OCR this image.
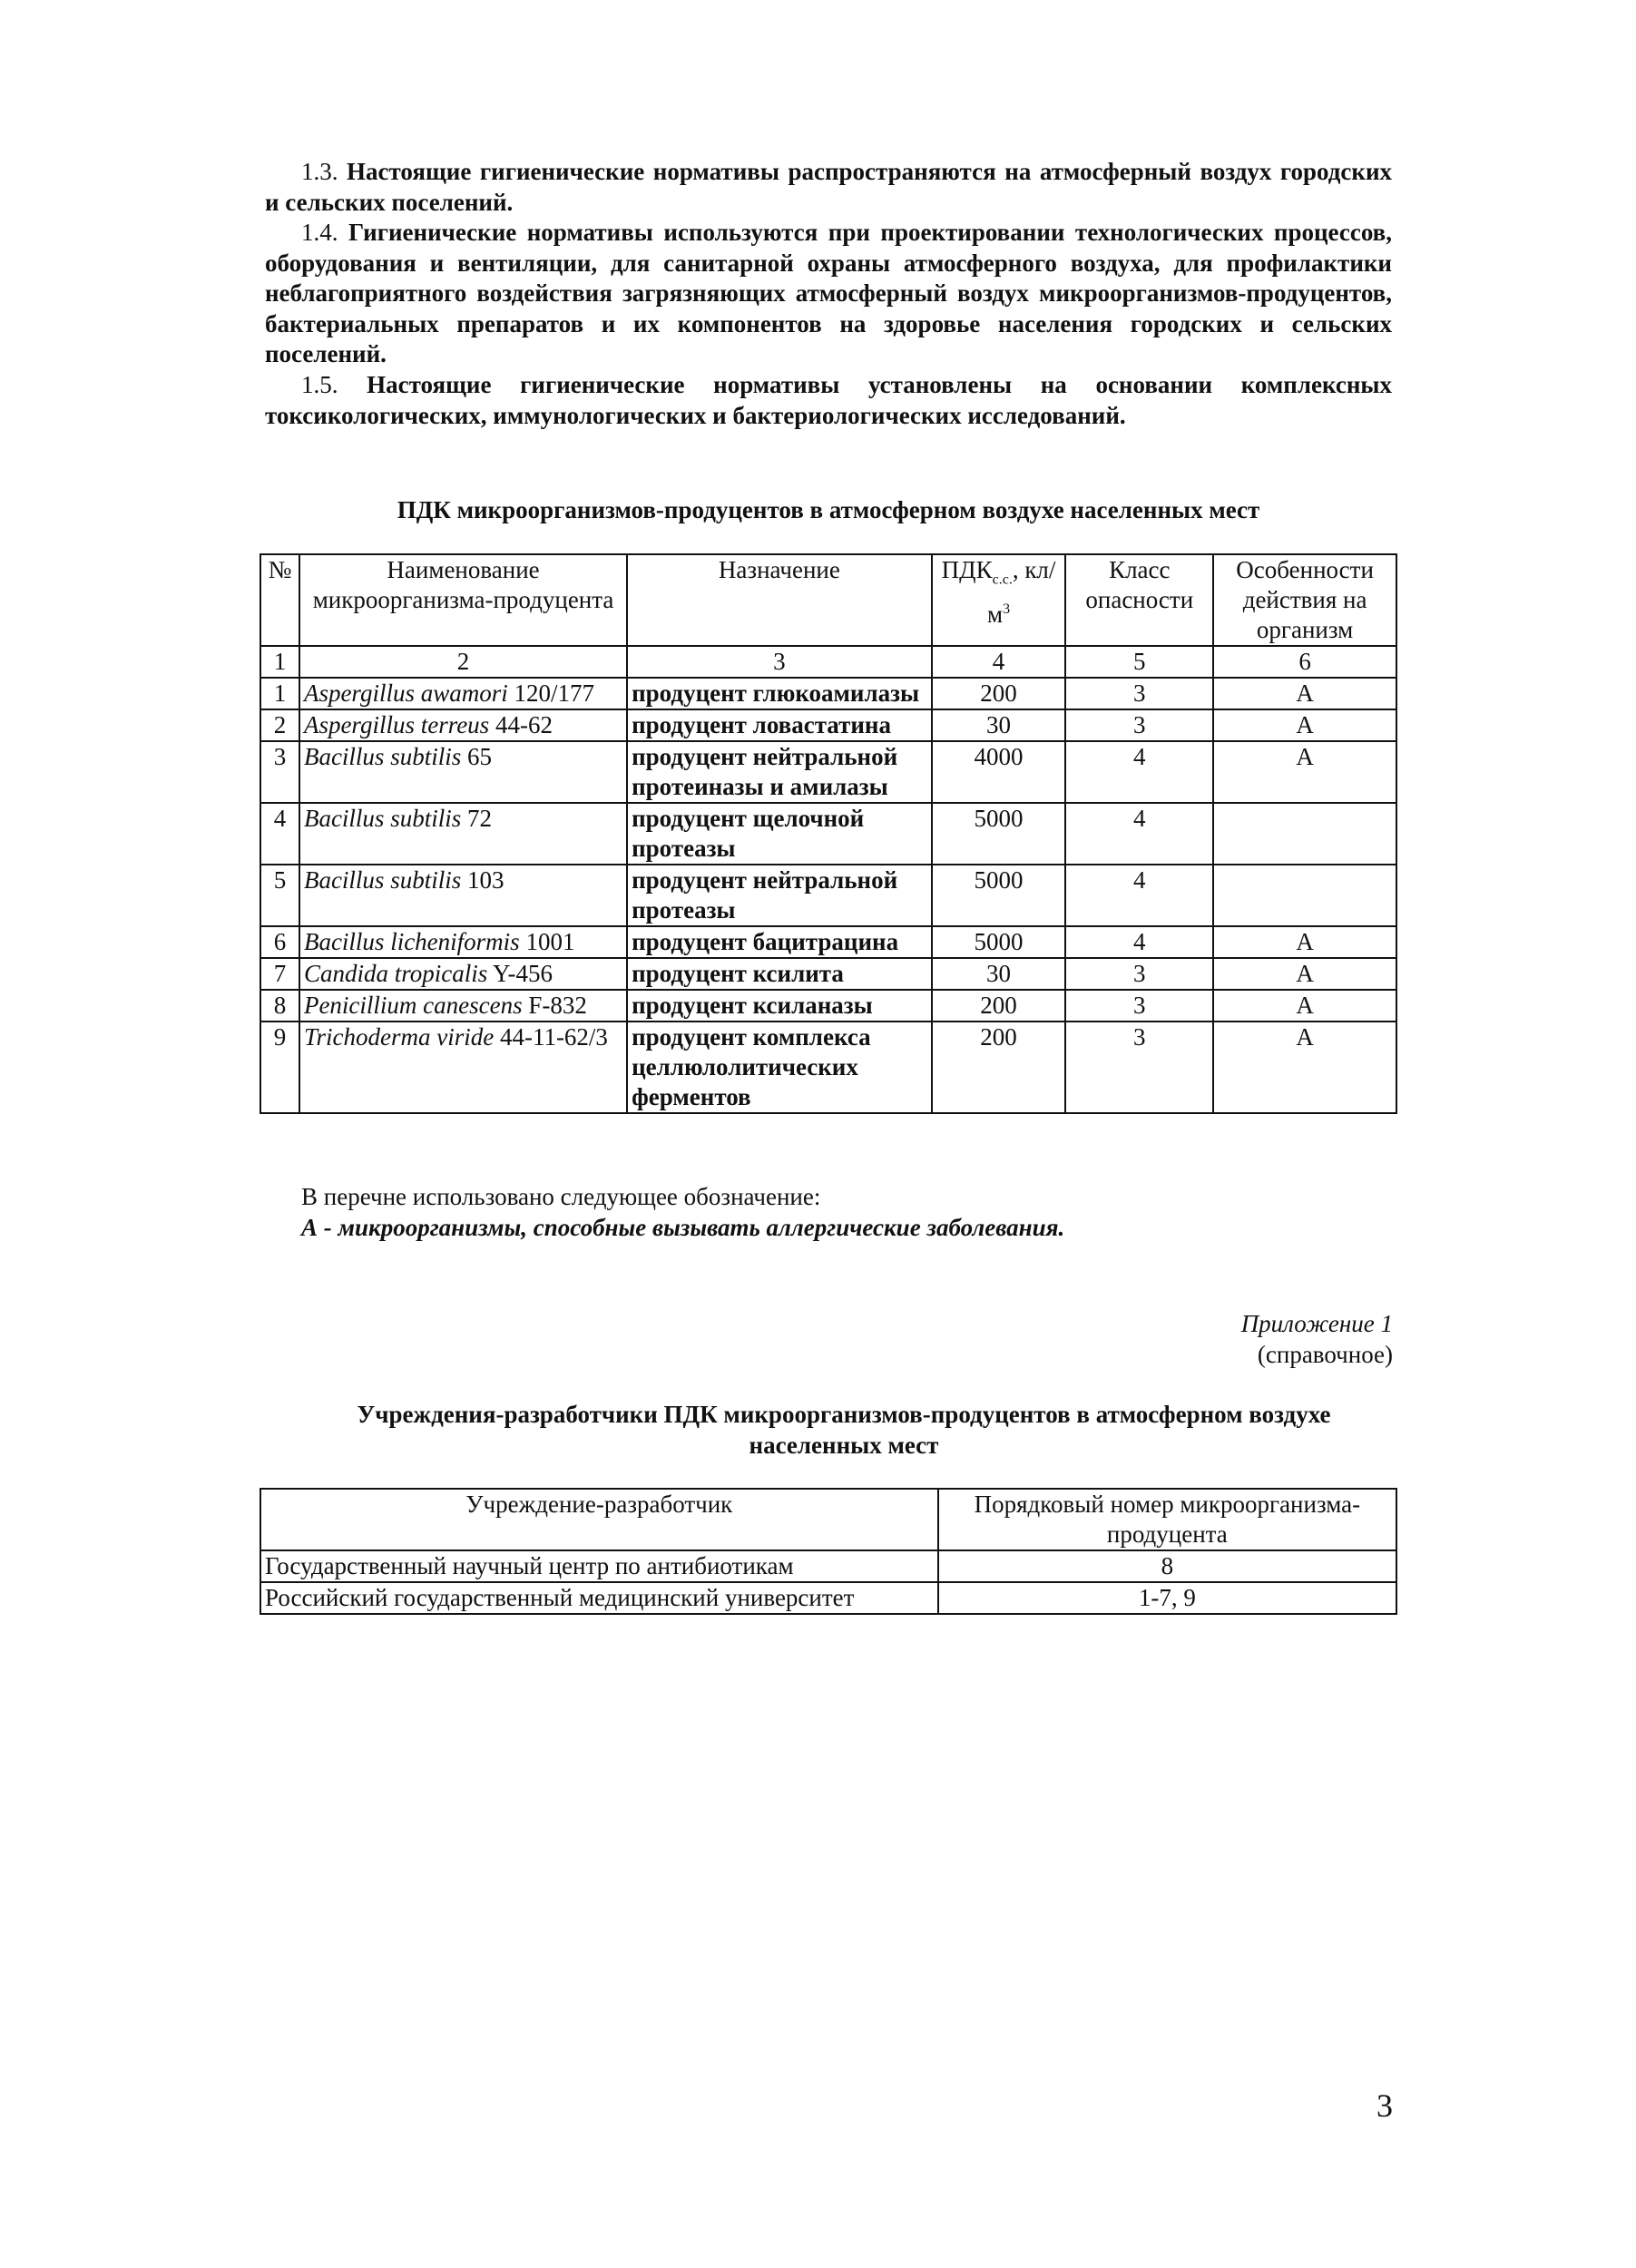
1.3. Настоящие гигиенические нормативы распространяются на атмосферный воздух городских и сельских поселений.

1.4. Гигиенические нормативы используются при проектировании технологических процессов, оборудования и вентиляции, для санитарной охраны атмосферного воздуха, для профилактики неблагоприятного воздействия загрязняющих атмосферный воздух микроорганизмов-продуцентов, бактериальных препаратов и их компонентов на здоровье населения городских и сельских поселений.

1.5. Настоящие гигиенические нормативы установлены на основании комплексных токсикологических, иммунологических и бактериологических исследований.

ПДК микроорганизмов-продуцентов в атмосферном воздухе населенных мест

№	Наименование микроорганизма-продуцента	Назначение	$ПДК_{с.с.}$, $кл/м^3$	Класс опасности	Особенности действия на организм
1	2	3	4	5	6
1	Aspergillus awamori 120/177	продуцент глюкоамилазы	200	3	А
2	Aspergillus terreus 44-62	продуцент ловастатина	30	3	А
3	Bacillus subtilis 65	продуцент нейтральной протеиназы и амилазы	4000	4	А
4	Bacillus subtilis 72	продуцент щелочной протеазы	5000	4	
5	Bacillus subtilis 103	продуцент нейтральной протеазы	5000	4	
6	Bacillus licheniformis 1001	продуцент бацитрацина	5000	4	А
7	Candida tropicalis Y-456	продуцент ксилита	30	3	А
8	Penicillium canescens F-832	продуцент ксиланазы	200	3	А
9	Trichoderma viride 44-11-62/3	продуцент комплекса целлюлолитических ферментов	200	3	А
В перечне использовано следующее обозначение:
А - микроорганизмы, способные вызывать аллергические заболевания.
Приложение 1
(справочное)

Учреждения-разработчики ПДК микроорганизмов-продуцентов в атмосферном воздухе населенных мест

Учреждение-разработчик	Порядковый номер микроорганизма-продуцента
Государственный научный центр по антибиотикам	8
Российский государственный медицинский университет	1-7, 9
3
